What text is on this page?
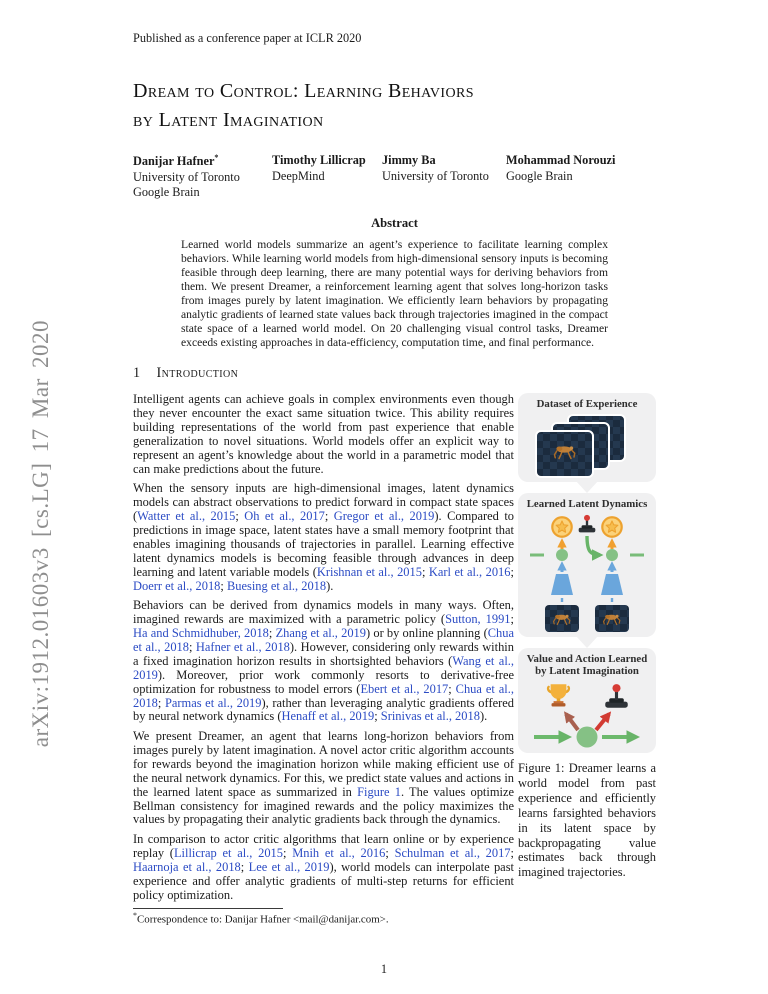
arXiv:1912.01603v3 [cs.LG] 17 Mar 2020
Published as a conference paper at ICLR 2020
Dream to Control: Learning Behaviors
by Latent Imagination
Danijar Hafner*
University of Toronto
Google Brain
Timothy Lillicrap
DeepMind
Jimmy Ba
University of Toronto
Mohammad Norouzi
Google Brain
Abstract
Learned world models summarize an agent’s experience to facilitate learning complex behaviors. While learning world models from high-dimensional sensory inputs is becoming feasible through deep learning, there are many potential ways for deriving behaviors from them. We present Dreamer, a reinforcement learning agent that solves long-horizon tasks from images purely by latent imagination. We efficiently learn behaviors by propagating analytic gradients of learned state values back through trajectories imagined in the compact state space of a learned world model. On 20 challenging visual control tasks, Dreamer exceeds existing approaches in data-efficiency, computation time, and final performance.
1 Introduction

Intelligent agents can achieve goals in complex environments even though they never encounter the exact same situation twice. This ability requires building representations of the world from past experience that enable generalization to novel situations. World models offer an explicit way to represent an agent’s knowledge about the world in a parametric model that can make predictions about the future.

When the sensory inputs are high-dimensional images, latent dynamics models can abstract observations to predict forward in compact state spaces (Watter et al., 2015; Oh et al., 2017; Gregor et al., 2019). Compared to predictions in image space, latent states have a small memory footprint that enables imagining thousands of trajectories in parallel. Learning effective latent dynamics models is becoming feasible through advances in deep learning and latent variable models (Krishnan et al., 2015; Karl et al., 2016; Doerr et al., 2018; Buesing et al., 2018).

Behaviors can be derived from dynamics models in many ways. Often, imagined rewards are maximized with a parametric policy (Sutton, 1991; Ha and Schmidhuber, 2018; Zhang et al., 2019) or by online planning (Chua et al., 2018; Hafner et al., 2018). However, considering only rewards within a fixed imagination horizon results in shortsighted behaviors (Wang et al., 2019). Moreover, prior work commonly resorts to derivative-free optimization for robustness to model errors (Ebert et al., 2017; Chua et al., 2018; Parmas et al., 2019), rather than leveraging analytic gradients offered by neural network dynamics (Henaff et al., 2019; Srinivas et al., 2018).

We present Dreamer, an agent that learns long-horizon behaviors from images purely by latent imagination. A novel actor critic algorithm accounts for rewards beyond the imagination horizon while making efficient use of the neural network dynamics. For this, we predict state values and actions in the learned latent space as summarized in Figure 1. The values optimize Bellman consistency for imagined rewards and the policy maximizes the values by propagating their analytic gradients back through the dynamics.

In comparison to actor critic algorithms that learn online or by experience replay (Lillicrap et al., 2015; Mnih et al., 2016; Schulman et al., 2017; Haarnoja et al., 2018; Lee et al., 2019), world models can interpolate past experience and offer analytic gradients of multi-step returns for efficient policy optimization.

*Correspondence to: Danijar Hafner <mail@danijar.com>.
Dataset of Experience
Learned Latent Dynamics
Value and Action Learned by Latent Imagination
Figure 1: Dreamer learns a world model from past experience and efficiently learns farsighted behaviors in its latent space by backpropagating value estimates back through imagined trajectories.
1
